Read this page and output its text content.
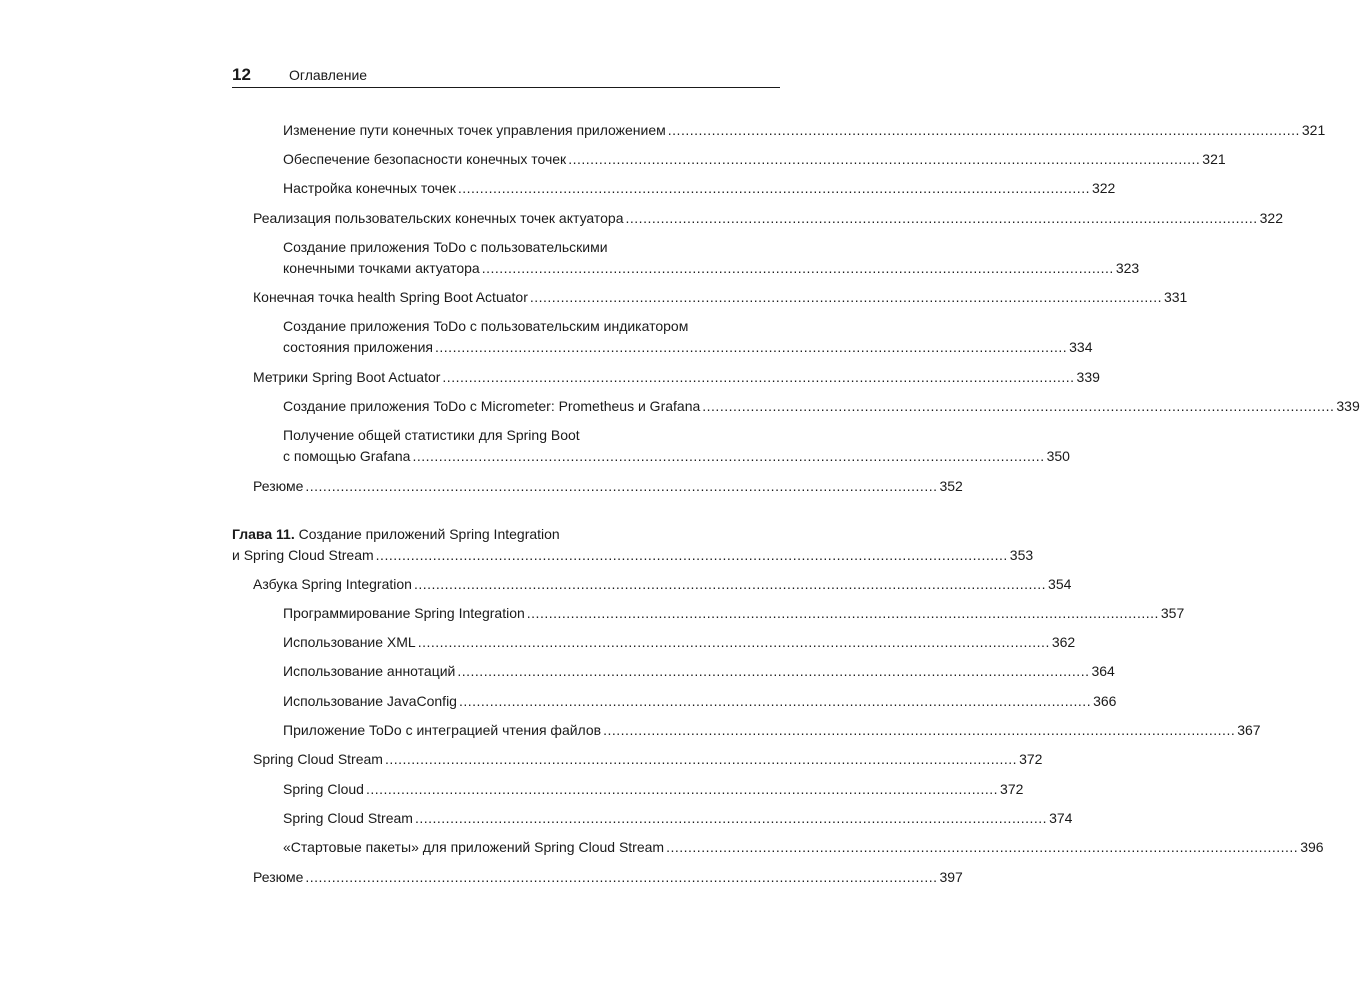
12	Оглавление
Изменение пути конечных точек управления приложением ................................................................................................................................................ 321
Обеспечение безопасности конечных точек ................................................................................................................................................ 321
Настройка конечных точек ................................................................................................................................................ 322
Реализация пользовательских конечных точек актуатора ................................................................................................................................................ 322
Создание приложения ToDo с пользовательскими
конечными точками актуатора ................................................................................................................................................ 323
Конечная точка health Spring Boot Actuator ................................................................................................................................................ 331
Создание приложения ToDo с пользовательским индикатором
состояния приложения ................................................................................................................................................ 334
Метрики Spring Boot Actuator ................................................................................................................................................ 339
Создание приложения ToDo с Micrometer: Prometheus и Grafana ................................................................................................................................................ 339
Получение общей статистики для Spring Boot
с помощью Grafana ................................................................................................................................................ 350
Резюме ................................................................................................................................................ 352
Глава 11. Создание приложений Spring Integration
и Spring Cloud Stream ................................................................................................................................................ 353
Азбука Spring Integration ................................................................................................................................................ 354
Программирование Spring Integration ................................................................................................................................................ 357
Использование XML ................................................................................................................................................ 362
Использование аннотаций ................................................................................................................................................ 364
Использование JavaConfig ................................................................................................................................................ 366
Приложение ToDo с интеграцией чтения файлов ................................................................................................................................................ 367
Spring Cloud Stream ................................................................................................................................................ 372
Spring Cloud ................................................................................................................................................ 372
Spring Cloud Stream ................................................................................................................................................ 374
«Стартовые пакеты» для приложений Spring Cloud Stream ................................................................................................................................................ 396
Резюме ................................................................................................................................................ 397
